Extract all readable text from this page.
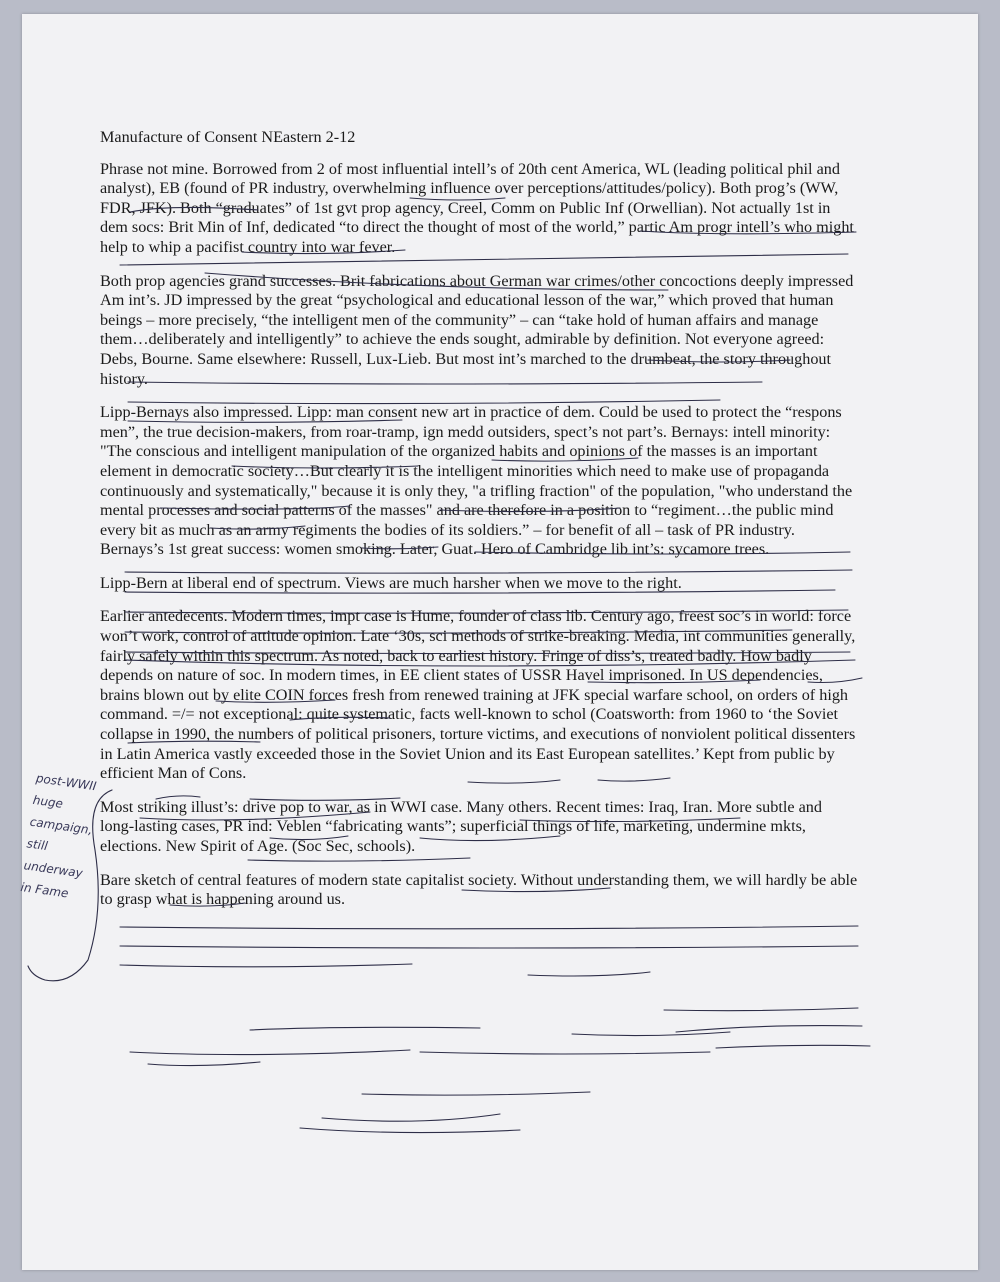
Manufacture of Consent NEastern 2-12

Phrase not mine. Borrowed from 2 of most influential intell’s of 20th cent America, WL (leading political phil and analyst), EB (found of PR industry, overwhelming influence over perceptions/attitudes/policy). Both prog’s (WW, FDR, JFK). Both “graduates” of 1st gvt prop agency, Creel, Comm on Public Inf (Orwellian). Not actually 1st in dem socs: Brit Min of Inf, dedicated “to direct the thought of most of the world,” partic Am progr intell’s who might help to whip a pacifist country into war fever.

Both prop agencies grand successes. Brit fabrications about German war crimes/other concoctions deeply impressed Am int’s. JD impressed by the great “psychological and educational lesson of the war,” which proved that human beings – more precisely, “the intelligent men of the community” – can “take hold of human affairs and manage them…deliberately and intelligently” to achieve the ends sought, admirable by definition. Not everyone agreed: Debs, Bourne. Same elsewhere: Russell, Lux-Lieb. But most int’s marched to the drumbeat, the story throughout history.

Lipp-Bernays also impressed. Lipp: man consent new art in practice of dem. Could be used to protect the “respons men”, the true decision-makers, from roar-tramp, ign medd outsiders, spect’s not part’s. Bernays: intell minority: "The conscious and intelligent manipulation of the organized habits and opinions of the masses is an important element in democratic society…But clearly it is the intelligent minorities which need to make use of propaganda continuously and systematically," because it is only they, "a trifling fraction" of the population, "who understand the mental processes and social patterns of the masses" and are therefore in a position to “regiment…the public mind every bit as much as an army regiments the bodies of its soldiers.” – for benefit of all – task of PR industry. Bernays’s 1st great success: women smoking. Later, Guat. Hero of Cambridge lib int’s: sycamore trees.

Lipp-Bern at liberal end of spectrum. Views are much harsher when we move to the right.

Earlier antedecents. Modern times, impt case is Hume, founder of class lib. Century ago, freest soc’s in world: force won’t work, control of attitude opinion. Late ‘30s, sci methods of strike-breaking. Media, int communities generally, fairly safely within this spectrum. As noted, back to earliest history. Fringe of diss’s, treated badly. How badly depends on nature of soc. In modern times, in EE client states of USSR Havel imprisoned. In US dependencies, brains blown out by elite COIN forces fresh from renewed training at JFK special warfare school, on orders of high command. =/= not exceptional: quite systematic, facts well-known to schol (Coatsworth: from 1960 to ‘the Soviet collapse in 1990, the numbers of political prisoners, torture victims, and executions of nonviolent political dissenters in Latin America vastly exceeded those in the Soviet Union and its East European satellites.’ Kept from public by efficient Man of Cons.

Most striking illust’s: drive pop to war, as in WWI case. Many others. Recent times: Iraq, Iran. More subtle and long-lasting cases, PR ind: Veblen “fabricating wants”; superficial things of life, marketing, undermine mkts, elections. New Spirit of Age. (Soc Sec, schools).

Bare sketch of central features of modern state capitalist society. Without understanding them, we will hardly be able to grasp what is happening around us.

post-WWII
huge
campaign,
still
underway
in Fame
